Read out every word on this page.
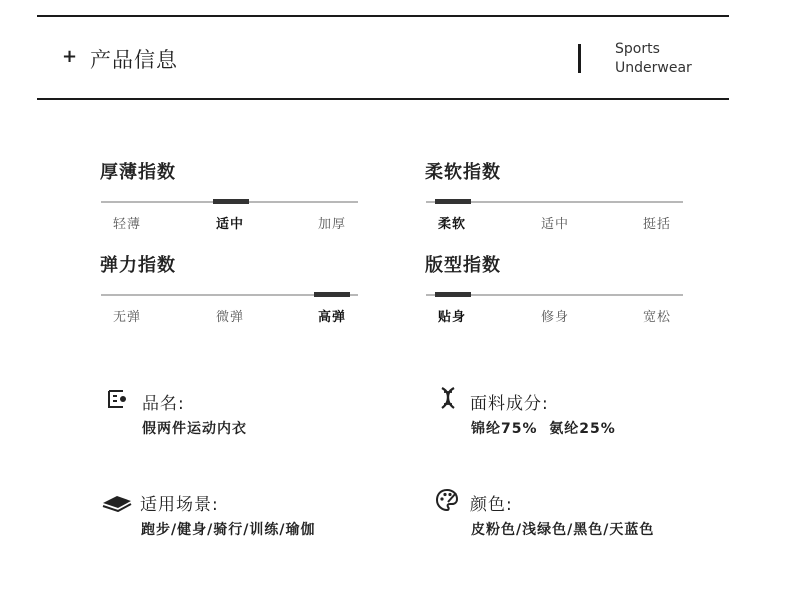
+ 产品信息	Sports
Underwear
厚薄指数
轻薄	适中	加厚
柔软指数
柔软	适中	挺括
弹力指数
无弹	微弹	高弹
版型指数
贴身	修身	宽松
品名:
假两件运动内衣
面料成分:
锦纶75%  氨纶25%
适用场景:
跑步/健身/骑行/训练/瑜伽
颜色:
皮粉色/浅绿色/黑色/天蓝色
